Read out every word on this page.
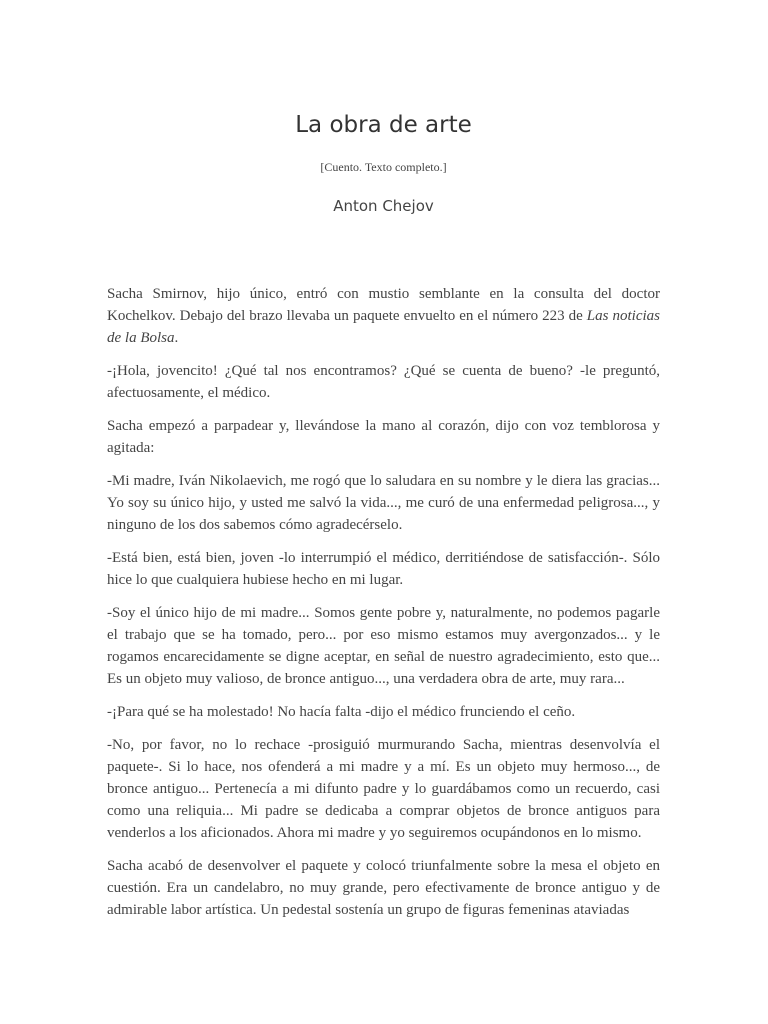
La obra de arte
[Cuento. Texto completo.]
Anton Chejov

Sacha Smirnov, hijo único, entró con mustio semblante en la consulta del doctor Kochelkov. Debajo del brazo llevaba un paquete envuelto en el número 223 de Las noticias de la Bolsa.

-¡Hola, jovencito! ¿Qué tal nos encontramos? ¿Qué se cuenta de bueno? -le preguntó, afectuosamente, el médico.

Sacha empezó a parpadear y, llevándose la mano al corazón, dijo con voz temblorosa y agitada:

-Mi madre, Iván Nikolaevich, me rogó que lo saludara en su nombre y le diera las gracias... Yo soy su único hijo, y usted me salvó la vida..., me curó de una enfermedad peligrosa..., y ninguno de los dos sabemos cómo agradecérselo.

-Está bien, está bien, joven -lo interrumpió el médico, derritiéndose de satisfacción-. Sólo hice lo que cualquiera hubiese hecho en mi lugar.

-Soy el único hijo de mi madre... Somos gente pobre y, naturalmente, no podemos pagarle el trabajo que se ha tomado, pero... por eso mismo estamos muy avergonzados... y le rogamos encarecidamente se digne aceptar, en señal de nuestro agradecimiento, esto que... Es un objeto muy valioso, de bronce antiguo..., una verdadera obra de arte, muy rara...

-¡Para qué se ha molestado! No hacía falta -dijo el médico frunciendo el ceño.

-No, por favor, no lo rechace -prosiguió murmurando Sacha, mientras desenvolvía el paquete-. Si lo hace, nos ofenderá a mi madre y a mí. Es un objeto muy hermoso..., de bronce antiguo... Pertenecía a mi difunto padre y lo guardábamos como un recuerdo, casi como una reliquia... Mi padre se dedicaba a comprar objetos de bronce antiguos para venderlos a los aficionados. Ahora mi madre y yo seguiremos ocupándonos en lo mismo.

Sacha acabó de desenvolver el paquete y colocó triunfalmente sobre la mesa el objeto en cuestión. Era un candelabro, no muy grande, pero efectivamente de bronce antiguo y de admirable labor artística. Un pedestal sostenía un grupo de figuras femeninas ataviadas
